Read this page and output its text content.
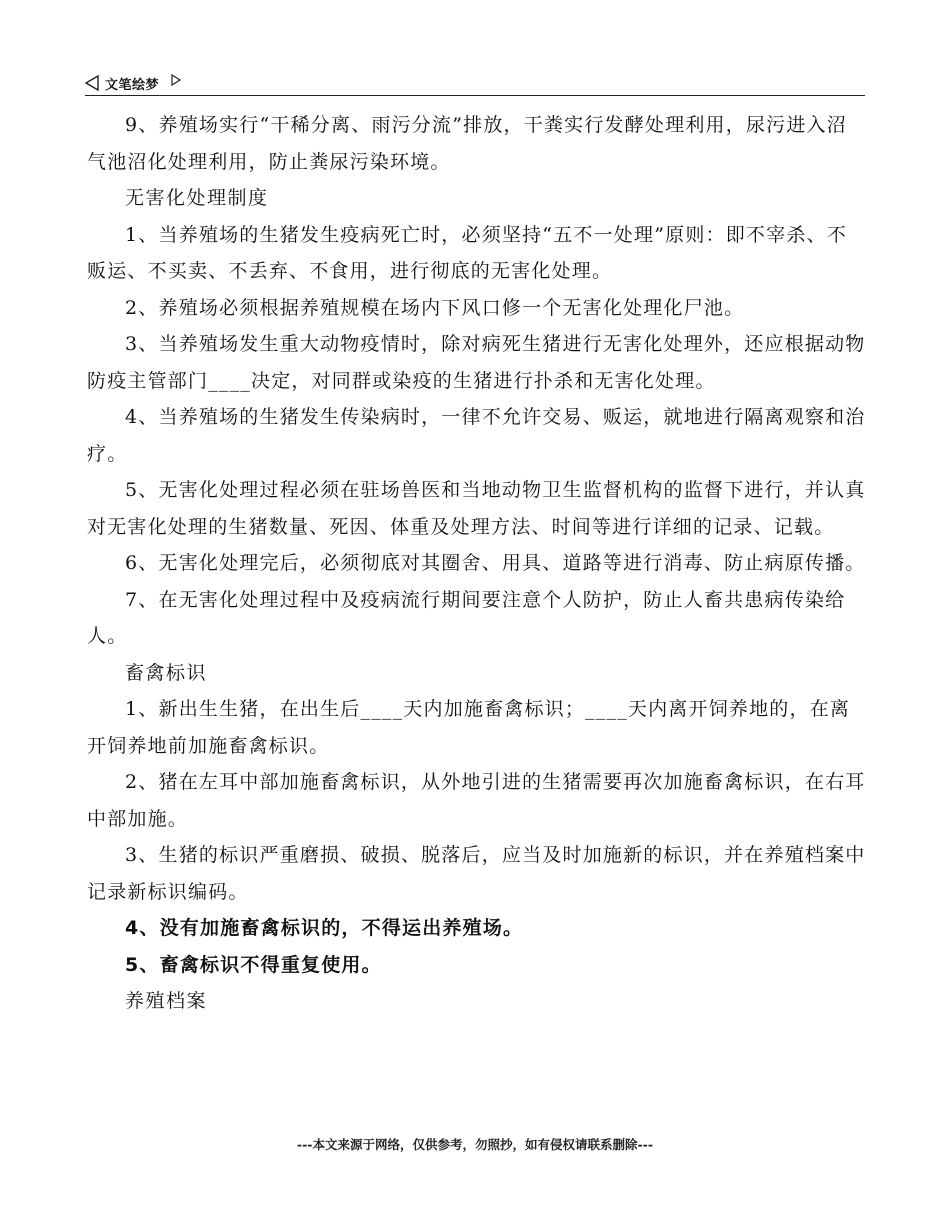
文笔绘梦

9、养殖场实行“干稀分离、雨污分流”排放，干粪实行发酵处理利用，尿污进入沼气池沼化处理利用，防止粪尿污染环境。

无害化处理制度

1、当养殖场的生猪发生疫病死亡时，必须坚持“五不一处理”原则：即不宰杀、不贩运、不买卖、不丢弃、不食用，进行彻底的无害化处理。

2、养殖场必须根据养殖规模在场内下风口修一个无害化处理化尸池。

3、当养殖场发生重大动物疫情时，除对病死生猪进行无害化处理外，还应根据动物防疫主管部门____决定，对同群或染疫的生猪进行扑杀和无害化处理。

4、当养殖场的生猪发生传染病时，一律不允许交易、贩运，就地进行隔离观察和治疗。

5、无害化处理过程必须在驻场兽医和当地动物卫生监督机构的监督下进行，并认真对无害化处理的生猪数量、死因、体重及处理方法、时间等进行详细的记录、记载。

6、无害化处理完后，必须彻底对其圈舍、用具、道路等进行消毒、防止病原传播。

7、在无害化处理过程中及疫病流行期间要注意个人防护，防止人畜共患病传染给人。

畜禽标识

1、新出生生猪，在出生后____天内加施畜禽标识；____天内离开饲养地的，在离开饲养地前加施畜禽标识。

2、猪在左耳中部加施畜禽标识，从外地引进的生猪需要再次加施畜禽标识，在右耳中部加施。

3、生猪的标识严重磨损、破损、脱落后，应当及时加施新的标识，并在养殖档案中记录新标识编码。

4、没有加施畜禽标识的，不得运出养殖场。

5、畜禽标识不得重复使用。

养殖档案

---本文来源于网络，仅供参考，勿照抄，如有侵权请联系删除---
